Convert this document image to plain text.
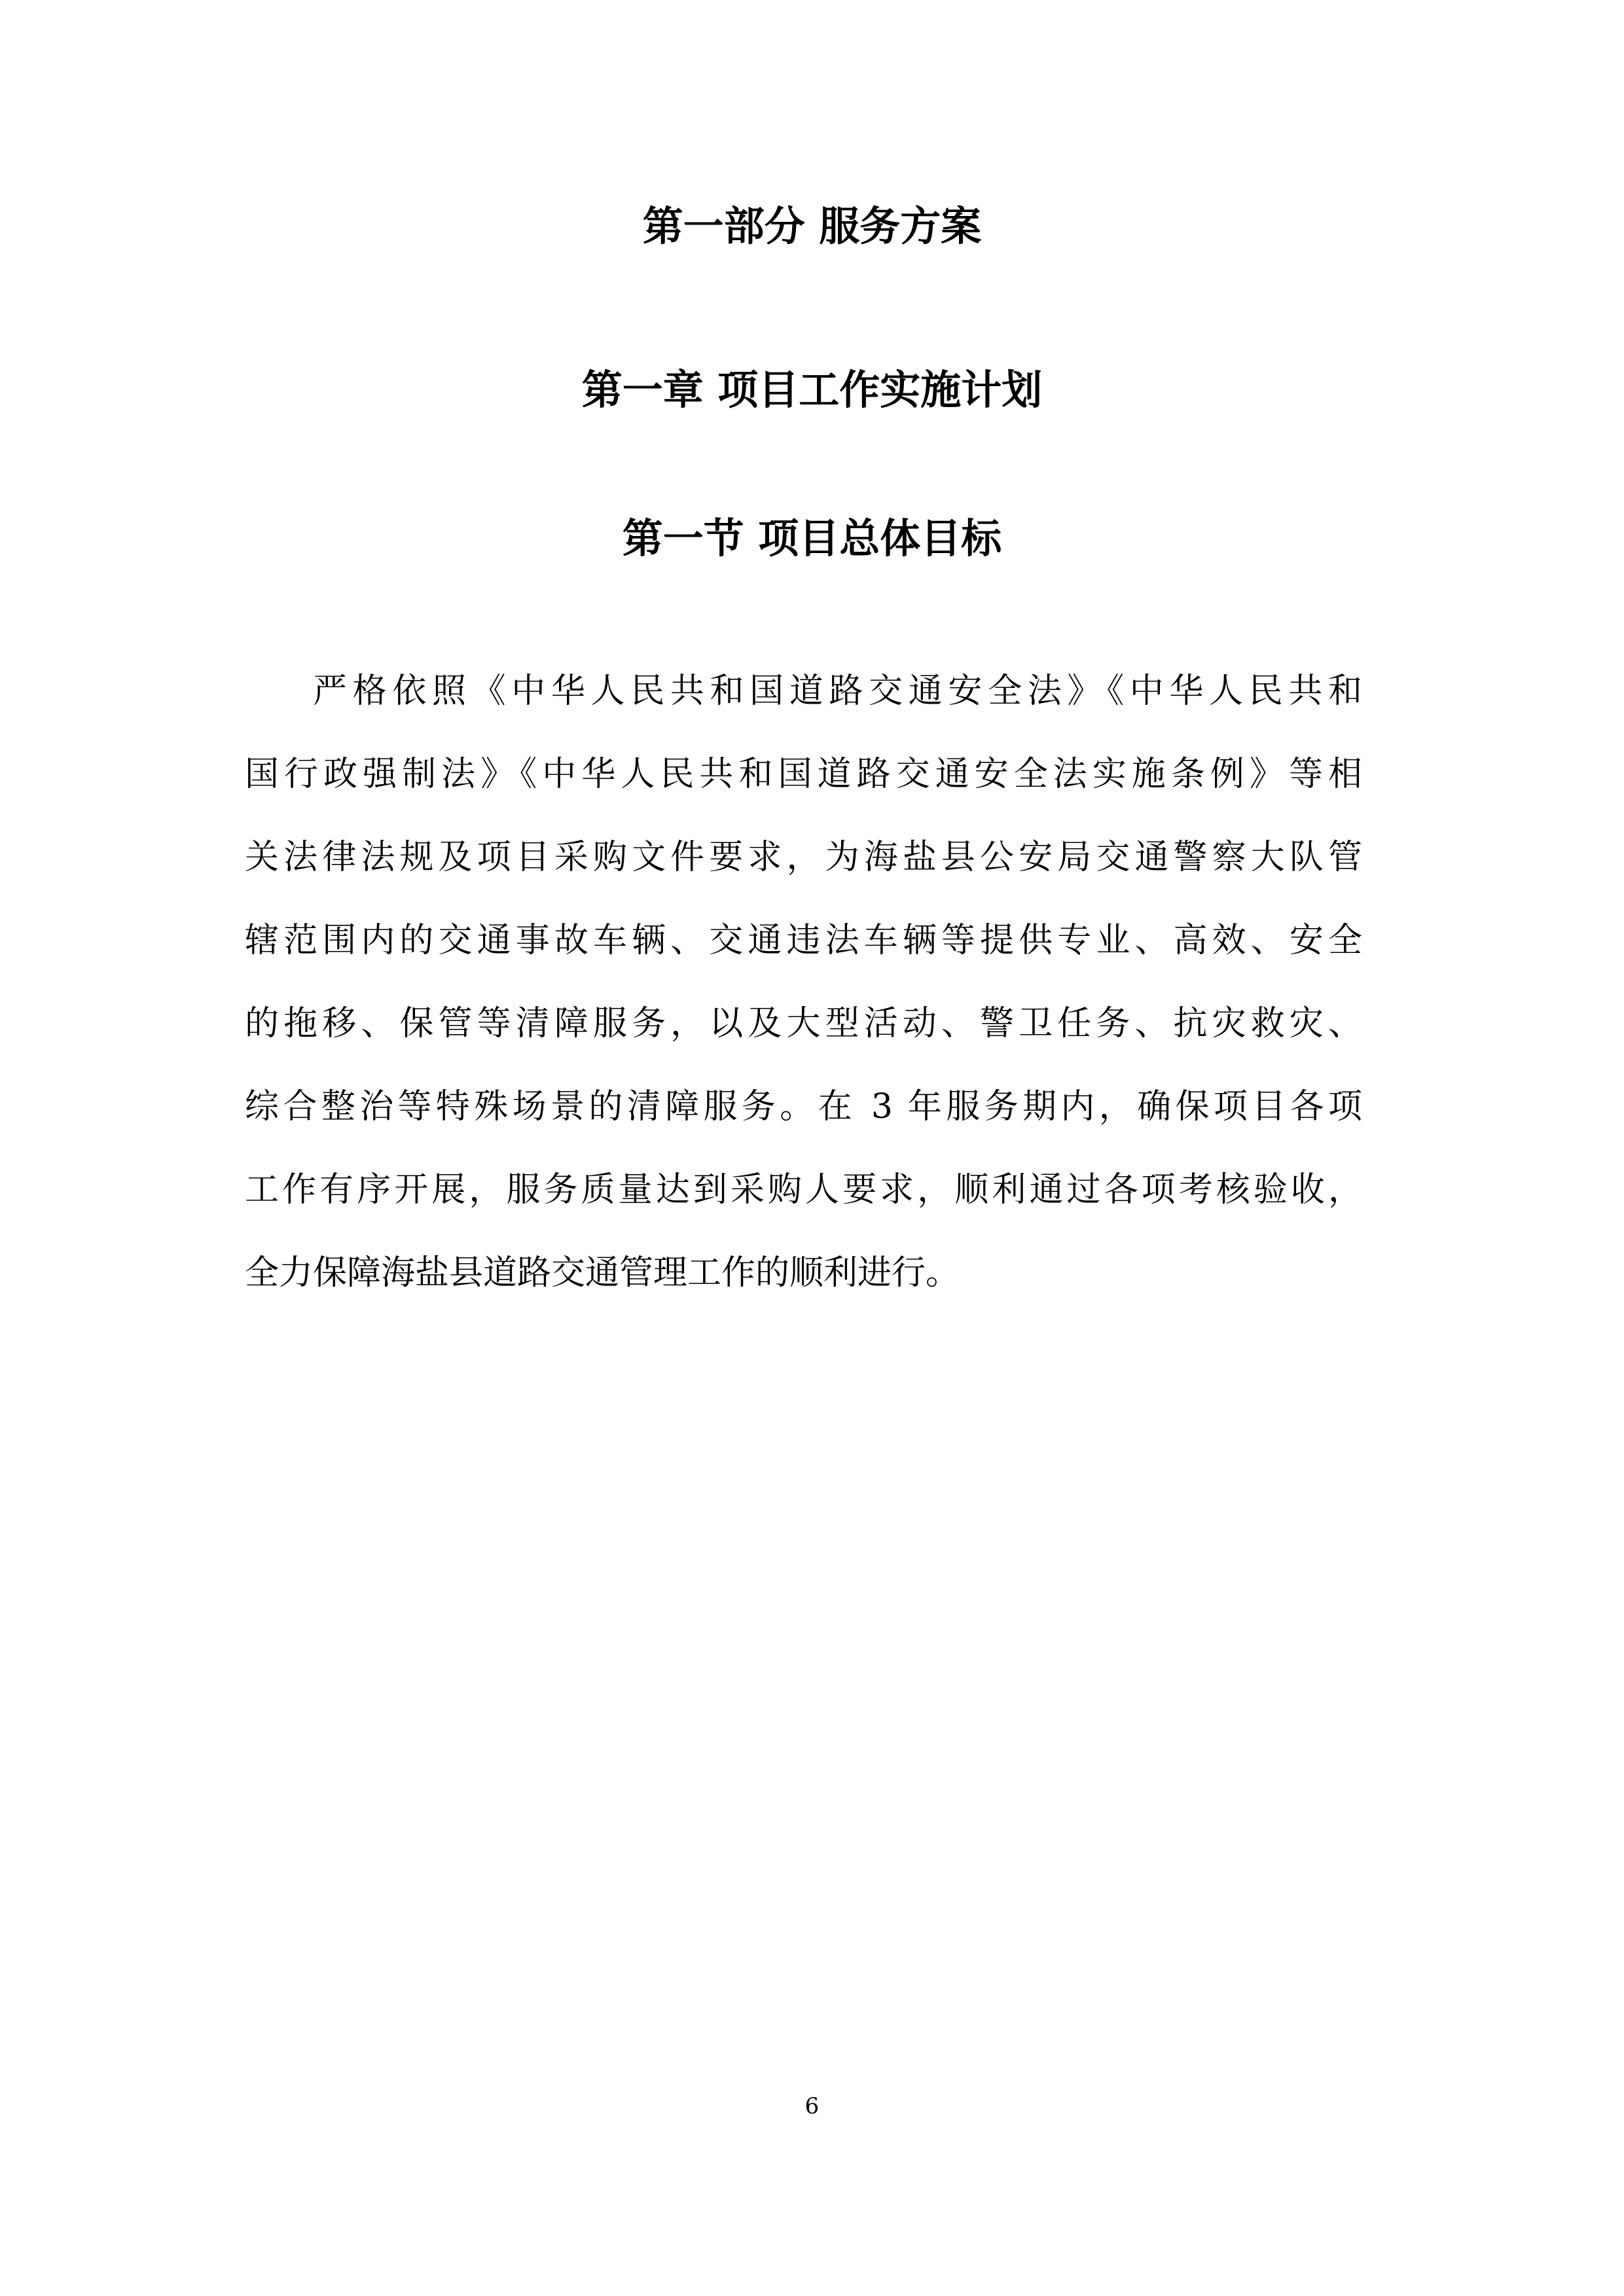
第一部分 服务方案
第一章 项目工作实施计划
第一节 项目总体目标
严格依照《中华人民共和国道路交通安全法》《中华人民共和
国行政强制法》《中华人民共和国道路交通安全法实施条例》等相
关法律法规及项目采购文件要求，为海盐县公安局交通警察大队管
辖范围内的交通事故车辆、交通违法车辆等提供专业、高效、安全
的拖移、保管等清障服务，以及大型活动、警卫任务、抗灾救灾、
综合整治等特殊场景的清障服务。在 3 年服务期内，确保项目各项
工作有序开展，服务质量达到采购人要求，顺利通过各项考核验收，
全力保障海盐县道路交通管理工作的顺利进行。
6
